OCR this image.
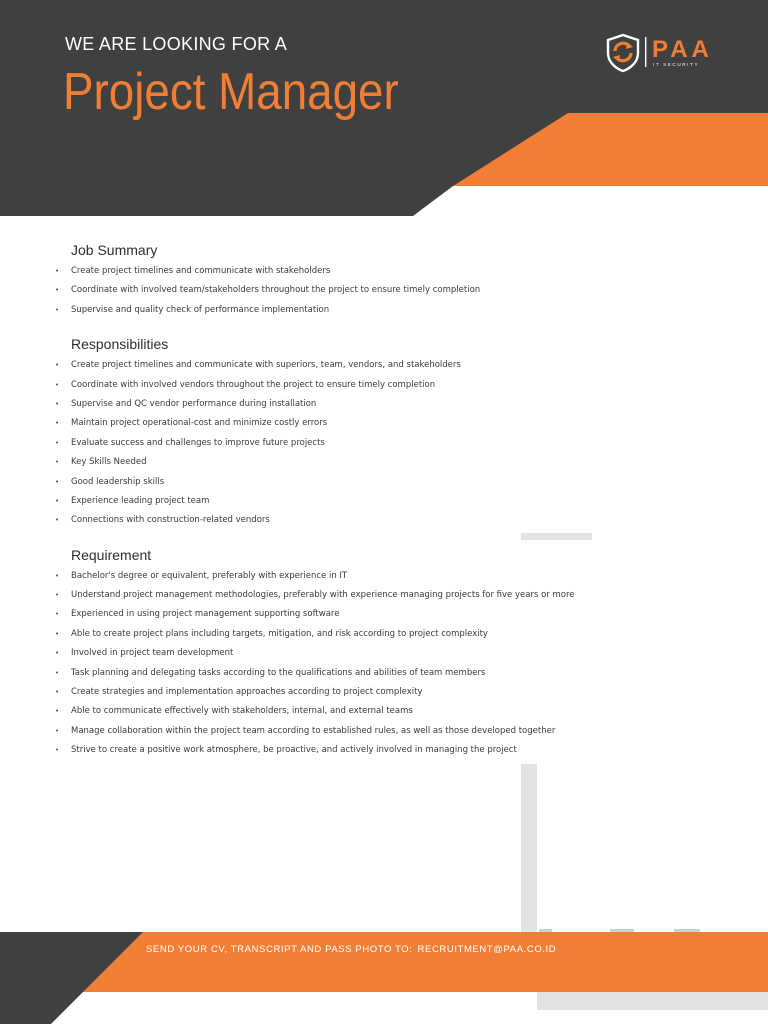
WE ARE LOOKING FOR A
Project Manager
PAA
IT SECURITY
Job Summary
• Create project timelines and communicate with stakeholders
• Coordinate with involved team/stakeholders throughout the project to ensure timely completion
• Supervise and quality check of performance implementation
Responsibilities
• Create project timelines and communicate with superiors, team, vendors, and stakeholders
• Coordinate with involved vendors throughout the project to ensure timely completion
• Supervise and QC vendor performance during installation
• Maintain project operational-cost and minimize costly errors
• Evaluate success and challenges to improve future projects
• Key Skills Needed
• Good leadership skills
• Experience leading project team
• Connections with construction-related vendors
Requirement
• Bachelor's degree or equivalent, preferably with experience in IT
• Understand project management methodologies, preferably with experience managing projects for five years or more
• Experienced in using project management supporting software
• Able to create project plans including targets, mitigation, and risk according to project complexity
• Involved in project team development
• Task planning and delegating tasks according to the qualifications and abilities of team members
• Create strategies and implementation approaches according to project complexity
• Able to communicate effectively with stakeholders, internal, and external teams
• Manage collaboration within the project team according to established rules, as well as those developed together
• Strive to create a positive work atmosphere, be proactive, and actively involved in managing the project
SEND YOUR CV, TRANSCRIPT AND PASS PHOTO TO: RECRUITMENT@PAA.CO.ID
